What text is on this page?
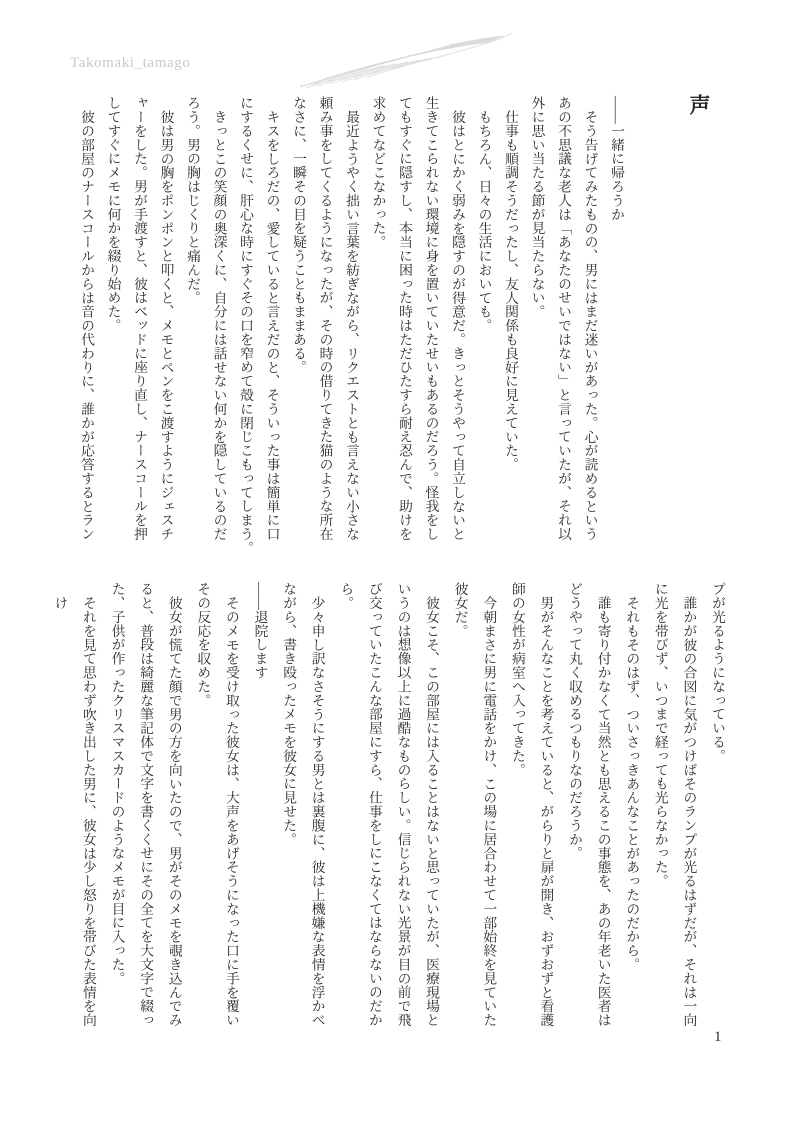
Takomaki_tamago
声

――一緒に帰ろうか

そう告げてみたものの、男にはまだ迷いがあった。心が読めるという

あの不思議な老人は「あなたのせいではない」と言っていたが、それ以

外に思い当たる節が見当たらない。

仕事も順調そうだったし、友人関係も良好に見えていた。

もちろん、日々の生活においても。

彼はとにかく弱みを隠すのが得意だ。きっとそうやって自立しないと

生きてこられない環境に身を置いていたせいもあるのだろう。怪我をし

てもすぐに隠すし、本当に困った時はただひたすら耐え忍んで、助けを

求めてなどこなかった。

最近ようやく拙い言葉を紡ぎながら、リクエストとも言えない小さな

頼み事をしてくるようになったが、その時の借りてきた猫のような所在

なさに、一瞬その目を疑うこともままある。

キスをしろだの、愛していると言えだのと、そういった事は簡単に口

にするくせに、肝心な時にすぐその口を窄めて殻に閉じこもってしまう。

きっとこの笑顔の奥深くに、自分には話せない何かを隠しているのだ

ろう。男の胸はじくりと痛んだ。

彼は男の胸をポンポンと叩くと、メモとペンをこ渡すようにジェスチ

ャーをした。男が手渡すと、彼はベッドに座り直し、ナースコールを押

してすぐにメモに何かを綴り始めた。

彼の部屋のナースコールからは音の代わりに、誰かが応答するとラン

プが光るようになっている。

誰かが彼の合図に気がつけばそのランプが光るはずだが、それは一向

に光を帯びず、いつまで経っても光らなかった。

それもそのはず、ついさっきあんなことがあったのだから。

誰も寄り付かなくて当然とも思えるこの事態を、あの年老いた医者は

どうやって丸く収めるつもりなのだろうか。

男がそんなことを考えていると、がらりと扉が開き、おずおずと看護

師の女性が病室へ入ってきた。

今朝まさに男に電話をかけ、この場に居合わせて一部始終を見ていた

彼女だ。

彼女こそ、この部屋には入ることはないと思っていたが、医療現場と

いうのは想像以上に過酷なものらしい。信じられない光景が目の前で飛

び交っていたこんな部屋にすら、仕事をしにこなくてはならないのだか

ら。

少々申し訳なさそうにする男とは裏腹に、彼は上機嫌な表情を浮かべ

ながら、書き殴ったメモを彼女に見せた。

――退院します

そのメモを受け取った彼女は、大声をあげそうになった口に手を覆い

その反応を収めた。

彼女が慌てた顔で男の方を向いたので、男がそのメモを覗き込んでみ

ると、普段は綺麗な筆記体で文字を書くくせにその全てを大文字で綴っ

た、子供が作ったクリスマスカードのようなメモが目に入った。

それを見て思わず吹き出した男に、彼女は少し怒りを帯びた表情を向け

1
